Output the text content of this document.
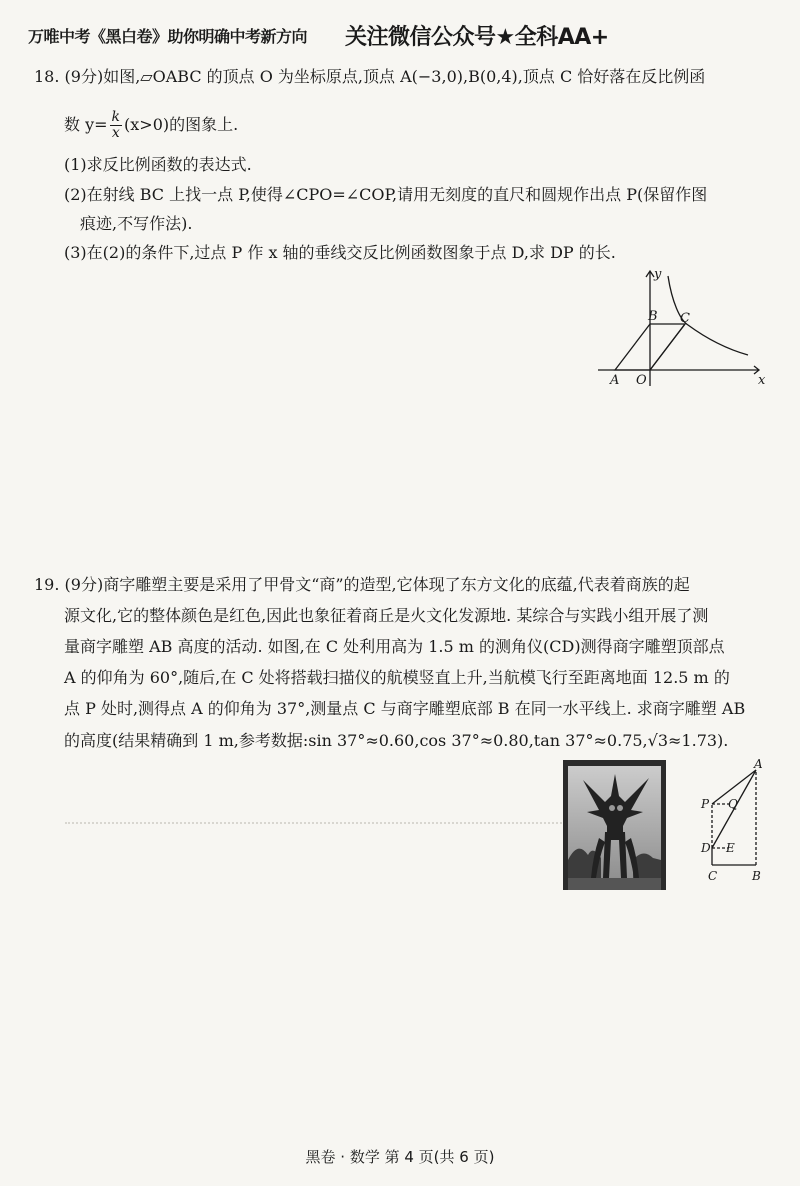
万唯中考《黑白卷》助你明确中考新方向 关注微信公众号★全科AA+
18. (9分)如图,▱OABC 的顶点 O 为坐标原点,顶点 A(−3,0),B(0,4),顶点 C 恰好落在反比例函
数 $y= \frac{k}{x} (x>0)$的图象上.
(1)求反比例函数的表达式.
(2)在射线 BC 上找一点 P,使得∠CPO=∠COP,请用无刻度的直尺和圆规作出点 P(保留作图
痕迹,不写作法).
(3)在(2)的条件下,过点 P 作 x 轴的垂线交反比例函数图象于点 D,求 DP 的长.
y
x
B C
A O
19. (9分)商字雕塑主要是采用了甲骨文“商”的造型,它体现了东方文化的底蕴,代表着商族的起
源文化,它的整体颜色是红色,因此也象征着商丘是火文化发源地. 某综合与实践小组开展了测
量商字雕塑 AB 高度的活动. 如图,在 C 处利用高为 1.5 m 的测角仪(CD)测得商字雕塑顶部点
A 的仰角为 60°,随后,在 C 处将搭载扫描仪的航模竖直上升,当航模飞行至距离地面 12.5 m 的
点 P 处时,测得点 A 的仰角为 37°,测量点 C 与商字雕塑底部 B 在同一水平线上. 求商字雕塑 AB
的高度(结果精确到 1 m,参考数据:sin 37°≈0.60,cos 37°≈0.80,tan 37°≈0.75,√3≈1.73).
A
P Q
D E
C	B
黑卷 · 数学 第 4 页(共 6 页)
